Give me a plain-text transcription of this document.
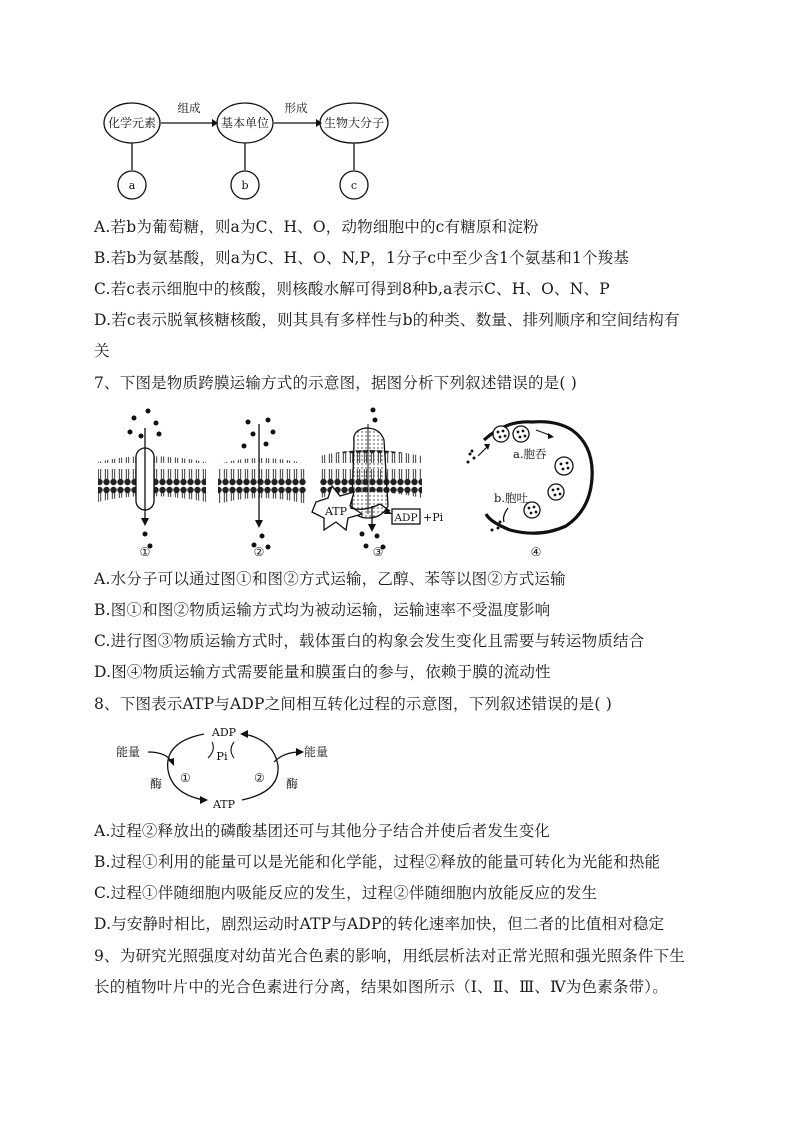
化学元素	基本单位	生物大分子
组成	形成
a	b	c
A.若b为葡萄糖，则a为C、H、O，动物细胞中的c有糖原和淀粉
B.若b为氨基酸，则a为C、H、O、N,P，1分子c中至少含1个氨基和1个羧基
C.若c表示细胞中的核酸，则核酸水解可得到8种b,a表示C、H、O、N、P
D.若c表示脱氧核糖核酸，则其具有多样性与b的种类、数量、排列顺序和空间结构有
关
7、下图是物质跨膜运输方式的示意图，据图分析下列叙述错误的是( )
①	②
ATP	ADP +Pi
③
a.胞吞
b.胞吐
④
A.水分子可以通过图①和图②方式运输，乙醇、苯等以图②方式运输
B.图①和图②物质运输方式均为被动运输，运输速率不受温度影响
C.进行图③物质运输方式时，载体蛋白的构象会发生变化且需要与转运物质结合
D.图④物质运输方式需要能量和膜蛋白的参与，依赖于膜的流动性
8、下图表示ATP与ADP之间相互转化过程的示意图，下列叙述错误的是( )
ADP
Pi
ATP
能量	能量
酶	酶
①	②
A.过程②释放出的磷酸基团还可与其他分子结合并使后者发生变化
B.过程①利用的能量可以是光能和化学能，过程②释放的能量可转化为光能和热能
C.过程①伴随细胞内吸能反应的发生，过程②伴随细胞内放能反应的发生
D.与安静时相比，剧烈运动时ATP与ADP的转化速率加快，但二者的比值相对稳定
9、为研究光照强度对幼苗光合色素的影响，用纸层析法对正常光照和强光照条件下生
长的植物叶片中的光合色素进行分离，结果如图所示（Ⅰ、Ⅱ、Ⅲ、Ⅳ为色素条带）。
